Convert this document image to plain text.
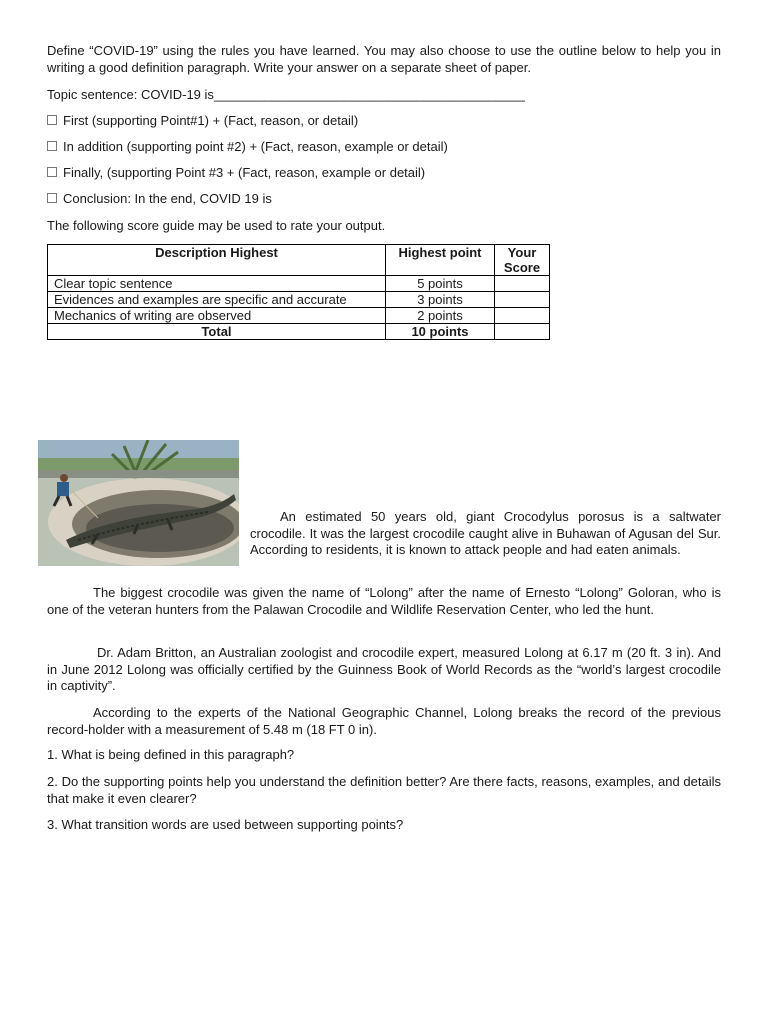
Define “COVID-19” using the rules you have learned. You may also choose to use the outline below to help you in writing a good definition paragraph. Write your answer on a separate sheet of paper.

Topic sentence: COVID-19 is___________________________________________
First (supporting Point#1) + (Fact, reason, or detail)
In addition (supporting point #2) + (Fact, reason, example or detail)
Finally, (supporting Point #3 + (Fact, reason, example or detail)
Conclusion: In the end, COVID 19 is
The following score guide may be used to rate your output.
Description Highest	Highest point	Your Score
Clear topic sentence	5 points	
Evidences and examples are specific and accurate	3 points	
Mechanics of writing are observed	2 points	
Total	10 points	

An estimated 50 years old, giant Crocodylus porosus is a saltwater crocodile. It was the largest crocodile caught alive in Buhawan of Agusan del Sur. According to residents, it is known to attack people and had eaten animals.

The biggest crocodile was given the name of “Lolong” after the name of Ernesto “Lolong” Goloran, who is one of the veteran hunters from the Palawan Crocodile and Wildlife Reservation Center, who led the hunt.

Dr. Adam Britton, an Australian zoologist and crocodile expert, measured Lolong at 6.17 m (20 ft. 3 in). And in June 2012 Lolong was officially certified by the Guinness Book of World Records as the “world’s largest crocodile in captivity”.

According to the experts of the National Geographic Channel, Lolong breaks the record of the previous record-holder with a measurement of 5.48 m (18 FT 0 in).

1. What is being defined in this paragraph?

2. Do the supporting points help you understand the definition better? Are there facts, reasons, examples, and details that make it even clearer?

3. What transition words are used between supporting points?
